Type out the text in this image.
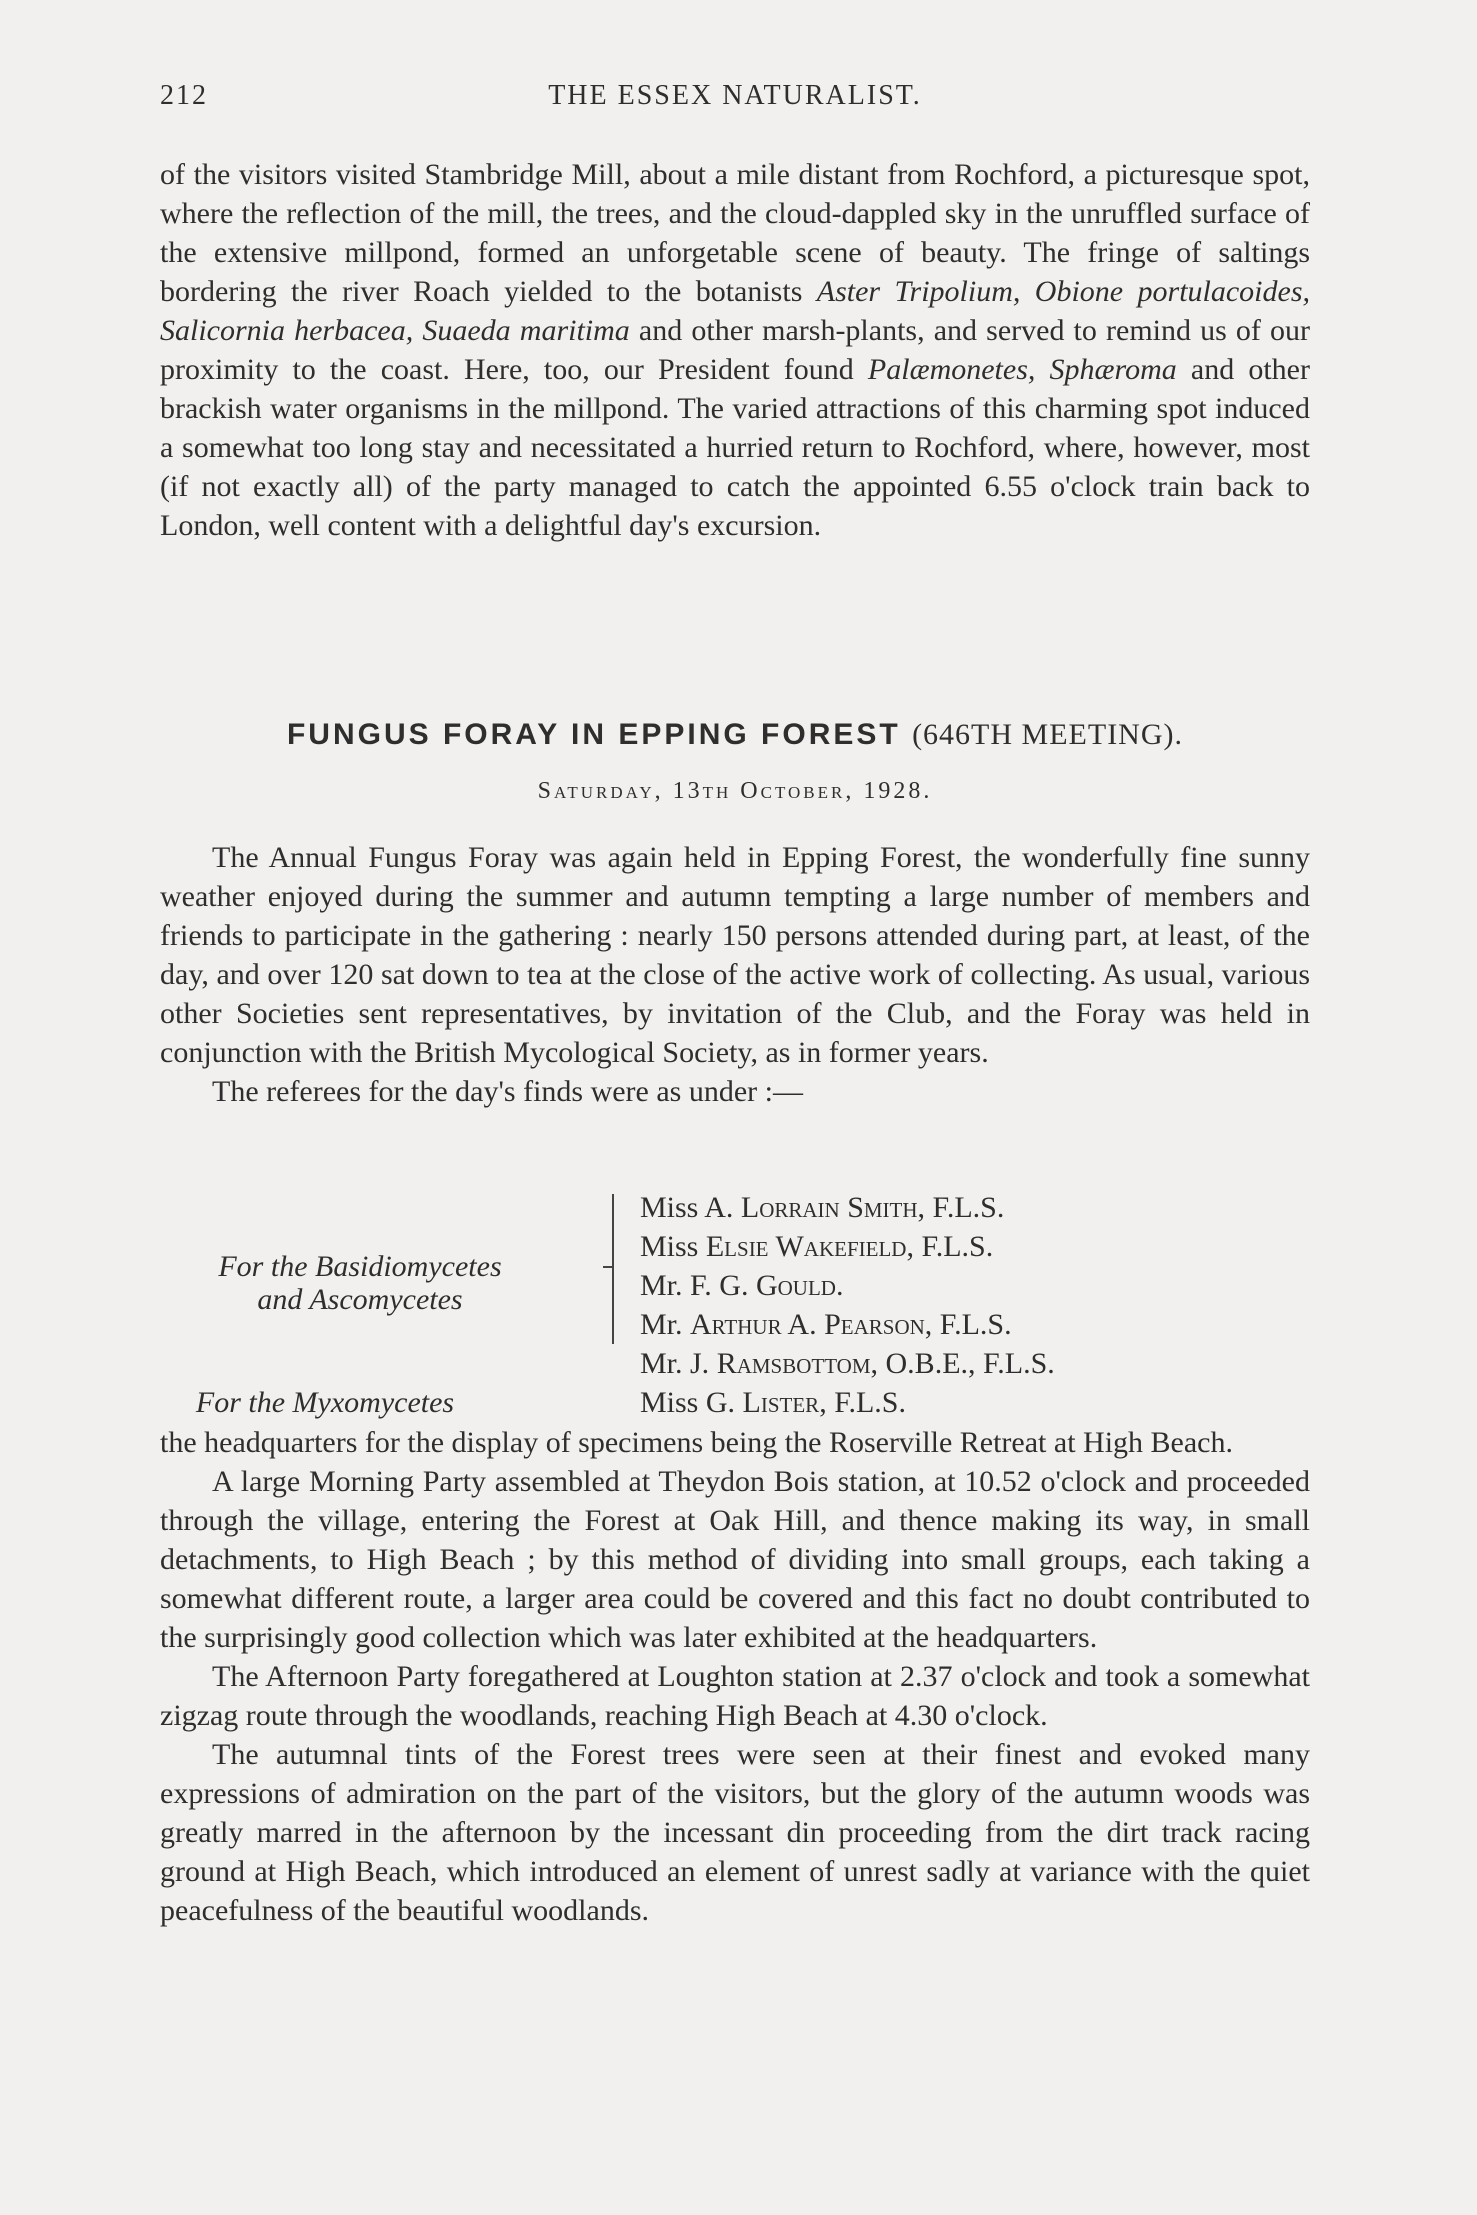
212	THE ESSEX NATURALIST.

of the visitors visited Stambridge Mill, about a mile distant from Rochford, a picturesque spot, where the reflection of the mill, the trees, and the cloud-dappled sky in the unruffled surface of the extensive millpond, formed an unforgetable scene of beauty. The fringe of saltings bordering the river Roach yielded to the botanists Aster Tripolium, Obione portulacoides, Salicornia herbacea, Suaeda maritima and other marsh-plants, and served to remind us of our proximity to the coast. Here, too, our President found Palæmonetes, Sphæroma and other brackish water organisms in the millpond. The varied attractions of this charming spot induced a somewhat too long stay and necessitated a hurried return to Rochford, where, however, most (if not exactly all) of the party managed to catch the appointed 6.55 o'clock train back to London, well content with a delightful day's excursion.

FUNGUS FORAY IN EPPING FOREST (646TH MEETING).
Saturday, 13th October, 1928.

The Annual Fungus Foray was again held in Epping Forest, the wonderfully fine sunny weather enjoyed during the summer and autumn tempting a large number of members and friends to participate in the gathering : nearly 150 persons attended during part, at least, of the day, and over 120 sat down to tea at the close of the active work of collecting. As usual, various other Societies sent representatives, by invitation of the Club, and the Foray was held in conjunction with the British Mycological Society, as in former years.

The referees for the day's finds were as under :—

For the Basidiomycetes
and Ascomycetes
Miss A. Lorrain Smith, F.L.S.
Miss Elsie Wakefield, F.L.S.
Mr. F. G. Gould.
Mr. Arthur A. Pearson, F.L.S.
Mr. J. Ramsbottom, O.B.E., F.L.S.
For the Myxomycetes	Miss G. Lister, F.L.S.

the headquarters for the display of specimens being the Roserville Retreat at High Beach.

A large Morning Party assembled at Theydon Bois station, at 10.52 o'clock and proceeded through the village, entering the Forest at Oak Hill, and thence making its way, in small detachments, to High Beach ; by this method of dividing into small groups, each taking a somewhat different route, a larger area could be covered and this fact no doubt contributed to the surprisingly good collection which was later exhibited at the headquarters.

The Afternoon Party foregathered at Loughton station at 2.37 o'clock and took a somewhat zigzag route through the woodlands, reaching High Beach at 4.30 o'clock.

The autumnal tints of the Forest trees were seen at their finest and evoked many expressions of admiration on the part of the visitors, but the glory of the autumn woods was greatly marred in the afternoon by the incessant din proceeding from the dirt track racing ground at High Beach, which introduced an element of unrest sadly at variance with the quiet peacefulness of the beautiful woodlands.
